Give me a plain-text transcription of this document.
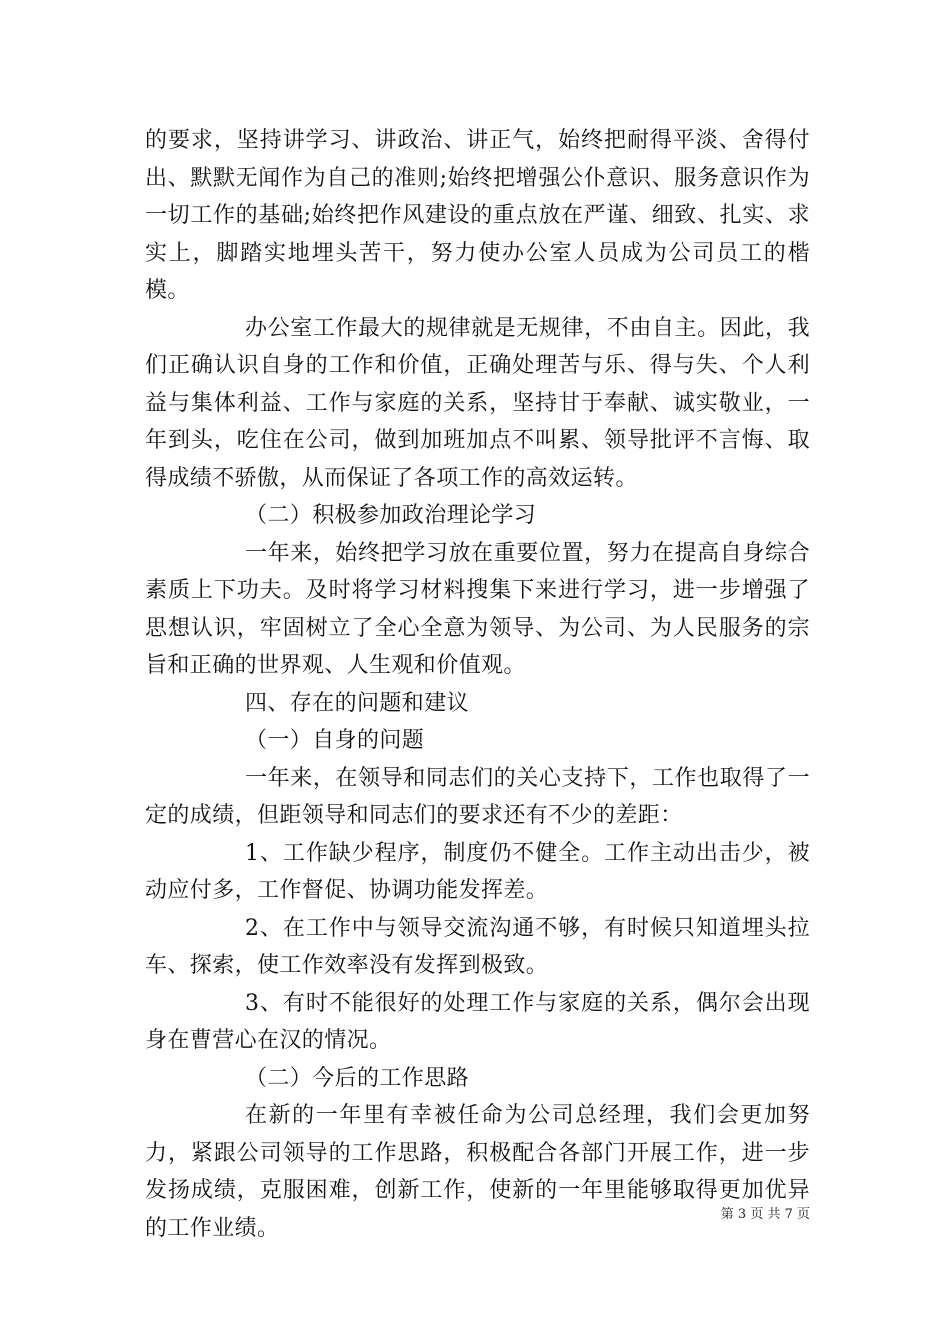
的要求，坚持讲学习、讲政治、讲正气，始终把耐得平淡、舍得付出、默默无闻作为自己的准则;始终把增强公仆意识、服务意识作为一切工作的基础;始终把作风建设的重点放在严谨、细致、扎实、求实上，脚踏实地埋头苦干，努力使办公室人员成为公司员工的楷模。

办公室工作最大的规律就是无规律，不由自主。因此，我们正确认识自身的工作和价值，正确处理苦与乐、得与失、个人利益与集体利益、工作与家庭的关系，坚持甘于奉献、诚实敬业，一年到头，吃住在公司，做到加班加点不叫累、领导批评不言悔、取得成绩不骄傲，从而保证了各项工作的高效运转。

（二）积极参加政治理论学习

一年来，始终把学习放在重要位置，努力在提高自身综合素质上下功夫。及时将学习材料搜集下来进行学习，进一步增强了思想认识，牢固树立了全心全意为领导、为公司、为人民服务的宗旨和正确的世界观、人生观和价值观。

四、存在的问题和建议

（一）自身的问题

一年来，在领导和同志们的关心支持下，工作也取得了一定的成绩，但距领导和同志们的要求还有不少的差距：

1、工作缺少程序，制度仍不健全。工作主动出击少，被动应付多，工作督促、协调功能发挥差。

2、在工作中与领导交流沟通不够，有时候只知道埋头拉车、探索，使工作效率没有发挥到极致。

3、有时不能很好的处理工作与家庭的关系，偶尔会出现身在曹营心在汉的情况。

（二）今后的工作思路

在新的一年里有幸被任命为公司总经理，我们会更加努力，紧跟公司领导的工作思路，积极配合各部门开展工作，进一步发扬成绩，克服困难，创新工作，使新的一年里能够取得更加优异的工作业绩。

第 3 页 共 7 页
